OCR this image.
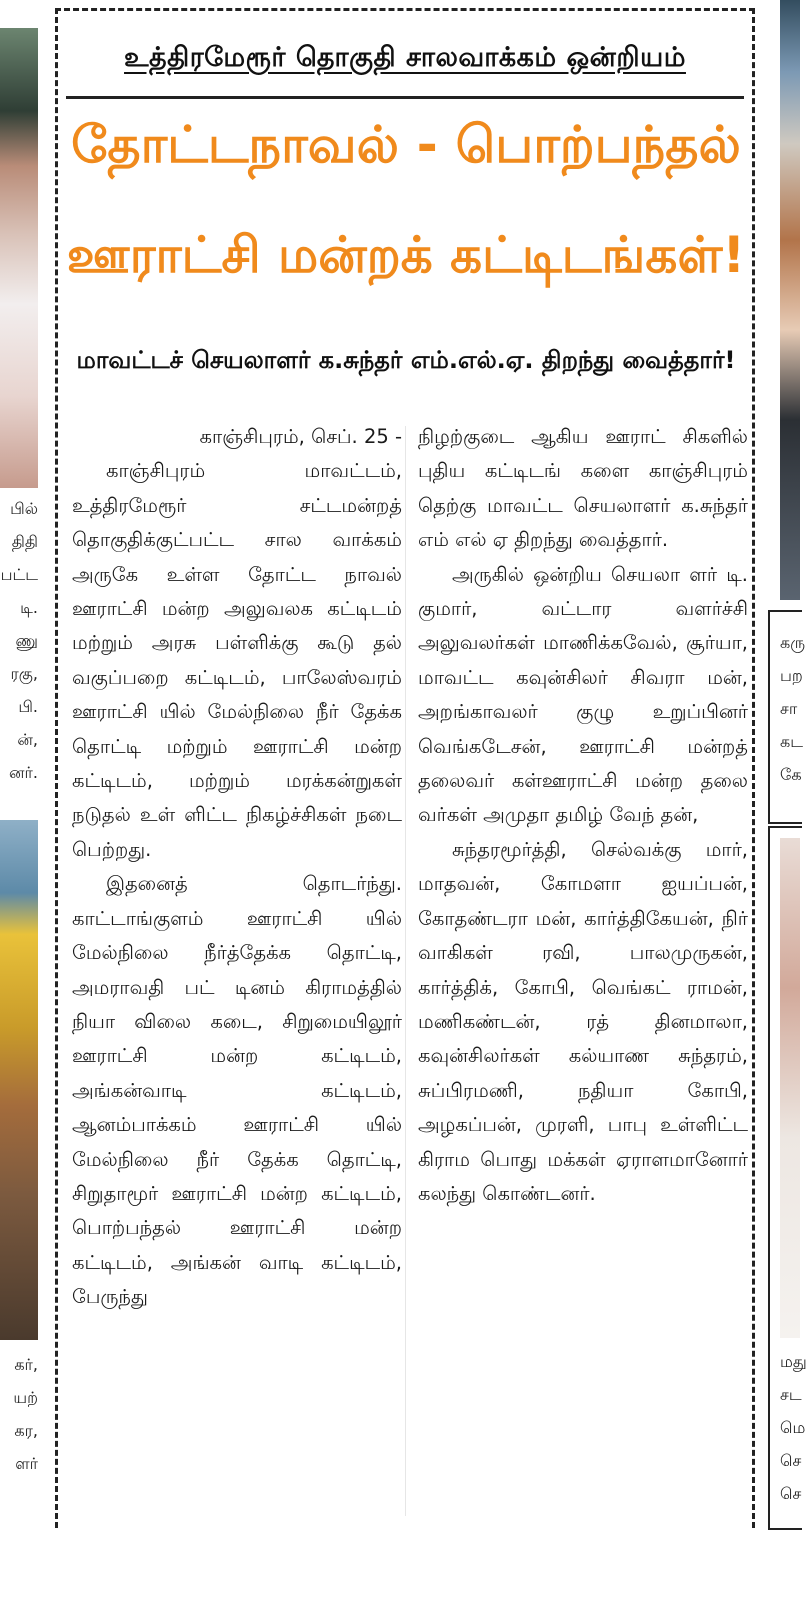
பில்
திதி
பட்ட
டி.
ணு
ரகு,
பி.
ன்,
னர்.
கர்,
யற்
கர,
ளர்
கரு
பற
சா
கட
கே
மது
சட
மெ
செ
செ
உத்திரமேரூர் தொகுதி சாலவாக்கம் ஒன்றியம்
தோட்டநாவல் - பொற்பந்தல்
ஊராட்சி மன்றக் கட்டிடங்கள்!
மாவட்டச் செயலாளர் க.சுந்தர் எம்.எல்.ஏ. திறந்து வைத்தார்!

காஞ்சிபுரம், செப். 25 -

காஞ்சிபுரம் மாவட்டம், உத்திரமேரூர் சட்டமன்றத் தொகுதிக்குட்பட்ட சால வாக்கம் அருகே உள்ள தோட்ட நாவல் ஊராட்சி மன்ற அலுவலக கட்டிடம் மற்றும் அரசு பள்ளிக்கு கூடு தல் வகுப்பறை கட்டிடம், பாலேஸ்வரம் ஊராட்சி யில் மேல்நிலை நீர் தேக்க தொட்டி மற்றும் ஊராட்சி மன்ற கட்டிடம், மற்றும் மரக்கன்றுகள் நடுதல் உள் ளிட்ட நிகழ்ச்சிகள் நடை பெற்றது.

இதனைத் தொடர்ந்து. காட்டாங்குளம் ஊராட்சி யில் மேல்நிலை நீர்த்தேக்க தொட்டி, அமராவதி பட் டினம் கிராமத்தில் நியா விலை கடை, சிறுமையிலூர் ஊராட்சி மன்ற கட்டிடம், அங்கன்வாடி கட்டிடம், ஆனம்பாக்கம் ஊராட்சி யில் மேல்நிலை நீர் தேக்க தொட்டி, சிறுதாமூர் ஊராட்சி மன்ற கட்டிடம், பொற்பந்தல் ஊராட்சி மன்ற கட்டிடம், அங்கன் வாடி கட்டிடம், பேருந்து

நிழற்குடை ஆகிய ஊராட் சிகளில் புதிய கட்டிடங் களை காஞ்சிபுரம் தெற்கு மாவட்ட செயலாளர் க.சுந்தர் எம் எல் ஏ திறந்து வைத்தார்.

அருகில் ஒன்றிய செயலா ளர் டி. குமார், வட்டார வளர்ச்சி அலுவலர்கள் மாணிக்கவேல், சூர்யா, மாவட்ட கவுன்சிலர் சிவரா மன், அறங்காவலர் குழு உறுப்பினர் வெங்கடேசன், ஊராட்சி மன்றத் தலைவர் கள்ஊராட்சி மன்ற தலை வர்கள் அமுதா தமிழ் வேந் தன்,

சுந்தரமூர்த்தி, செல்வக்கு மார், மாதவன், கோமளா ஐயப்பன், கோதண்டரா மன், கார்த்திகேயன், நிர் வாகிகள் ரவி, பாலமுருகன், கார்த்திக், கோபி, வெங்கட் ராமன், மணிகண்டன், ரத் தினமாலா, கவுன்சிலர்கள் கல்யாண சுந்தரம், சுப்பிரமணி, நதியா கோபி, அழகப்பன், முரளி, பாபு உள்ளிட்ட கிராம பொது மக்கள் ஏராளமானோர் கலந்து கொண்டனர்.
